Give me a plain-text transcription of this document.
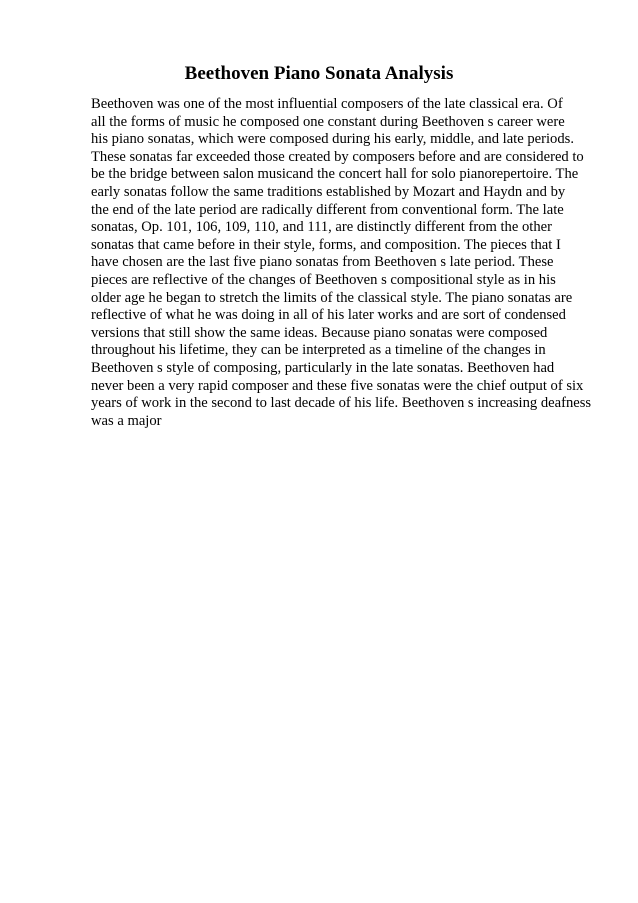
Beethoven Piano Sonata Analysis
Beethoven was one of the most influential composers of the late classical era. Of
all the forms of music he composed one constant during Beethoven s career were
his piano sonatas, which were composed during his early, middle, and late periods.
These sonatas far exceeded those created by composers before and are considered to
be the bridge between salon musicand the concert hall for solo pianorepertoire. The
early sonatas follow the same traditions established by Mozart and Haydn and by
the end of the late period are radically different from conventional form. The late
sonatas, Op. 101, 106, 109, 110, and 111, are distinctly different from the other
sonatas that came before in their style, forms, and composition. The pieces that I
have chosen are the last five piano sonatas from Beethoven s late period. These
pieces are reflective of the changes of Beethoven s compositional style as in his
older age he began to stretch the limits of the classical style. The piano sonatas are
reflective of what he was doing in all of his later works and are sort of condensed
versions that still show the same ideas. Because piano sonatas were composed
throughout his lifetime, they can be interpreted as a timeline of the changes in
Beethoven s style of composing, particularly in the late sonatas. Beethoven had
never been a very rapid composer and these five sonatas were the chief output of six
years of work in the second to last decade of his life. Beethoven s increasing deafness
was a major
